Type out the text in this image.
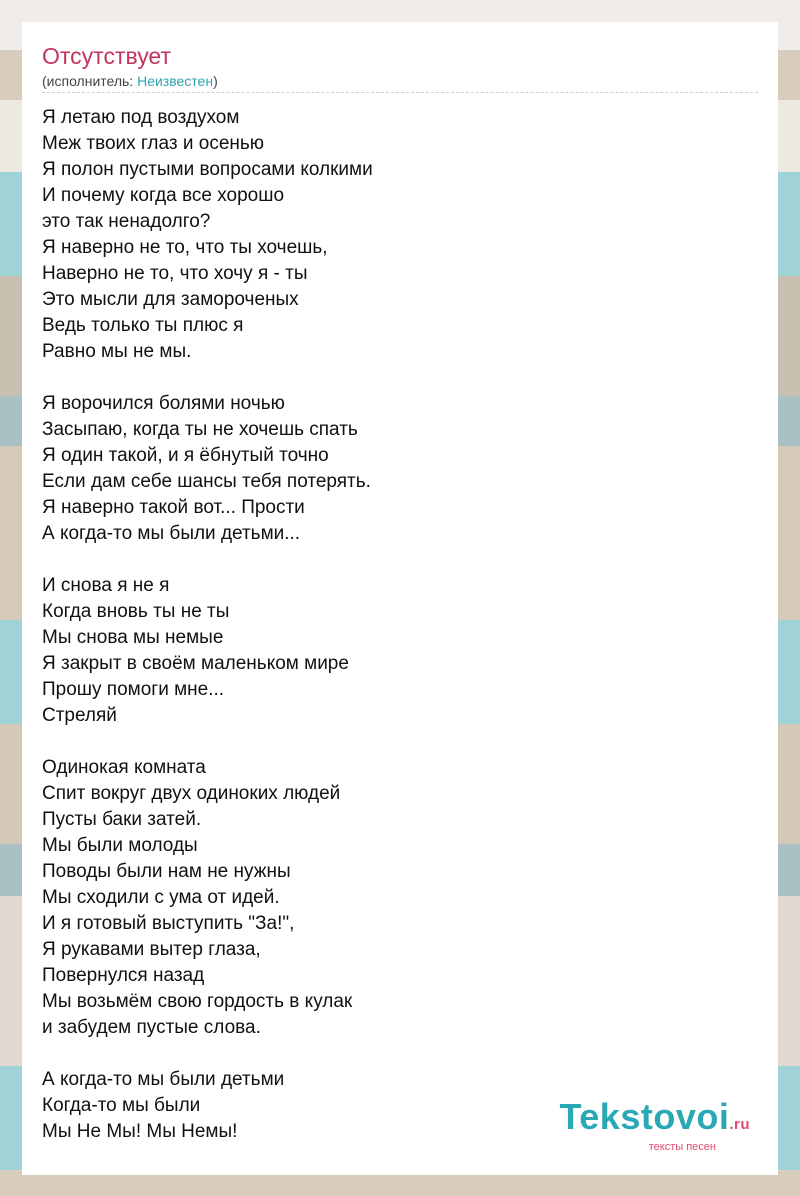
Отсутствует
(исполнитель: Неизвестен)
Я летаю под воздухом
Меж твоих глаз и осенью
Я полон пустыми вопросами колкими
И почему когда все хорошо
это так ненадолго?
Я наверно не то, что ты хочешь,
Наверно не то, что хочу я - ты
Это мысли для замороченых
Ведь только ты плюс я
Равно мы не мы.
Я ворочился болями ночью
Засыпаю, когда ты не хочешь спать
Я один такой, и я ёбнутый точно
Если дам себе шансы тебя потерять.
Я наверно такой вот... Прости
А когда-то мы были детьми...
И снова я не я
Когда вновь ты не ты
Мы снова мы немые
Я закрыт в своём маленьком мире
Прошу помоги мне...
Стреляй
Одинокая комната
Спит вокруг двух одиноких людей
Пусты баки затей.
Мы были молоды
Поводы были нам не нужны
Мы сходили с ума от идей.
И я готовый выступить "За!",
Я рукавами вытер глаза,
Повернулся назад
Мы возьмём свою гордость в кулак
и забудем пустые слова.
А когда-то мы были детьми
Когда-то мы были
Мы Не Мы! Мы Немы!	Tekstovoi.ru
тексты песен
